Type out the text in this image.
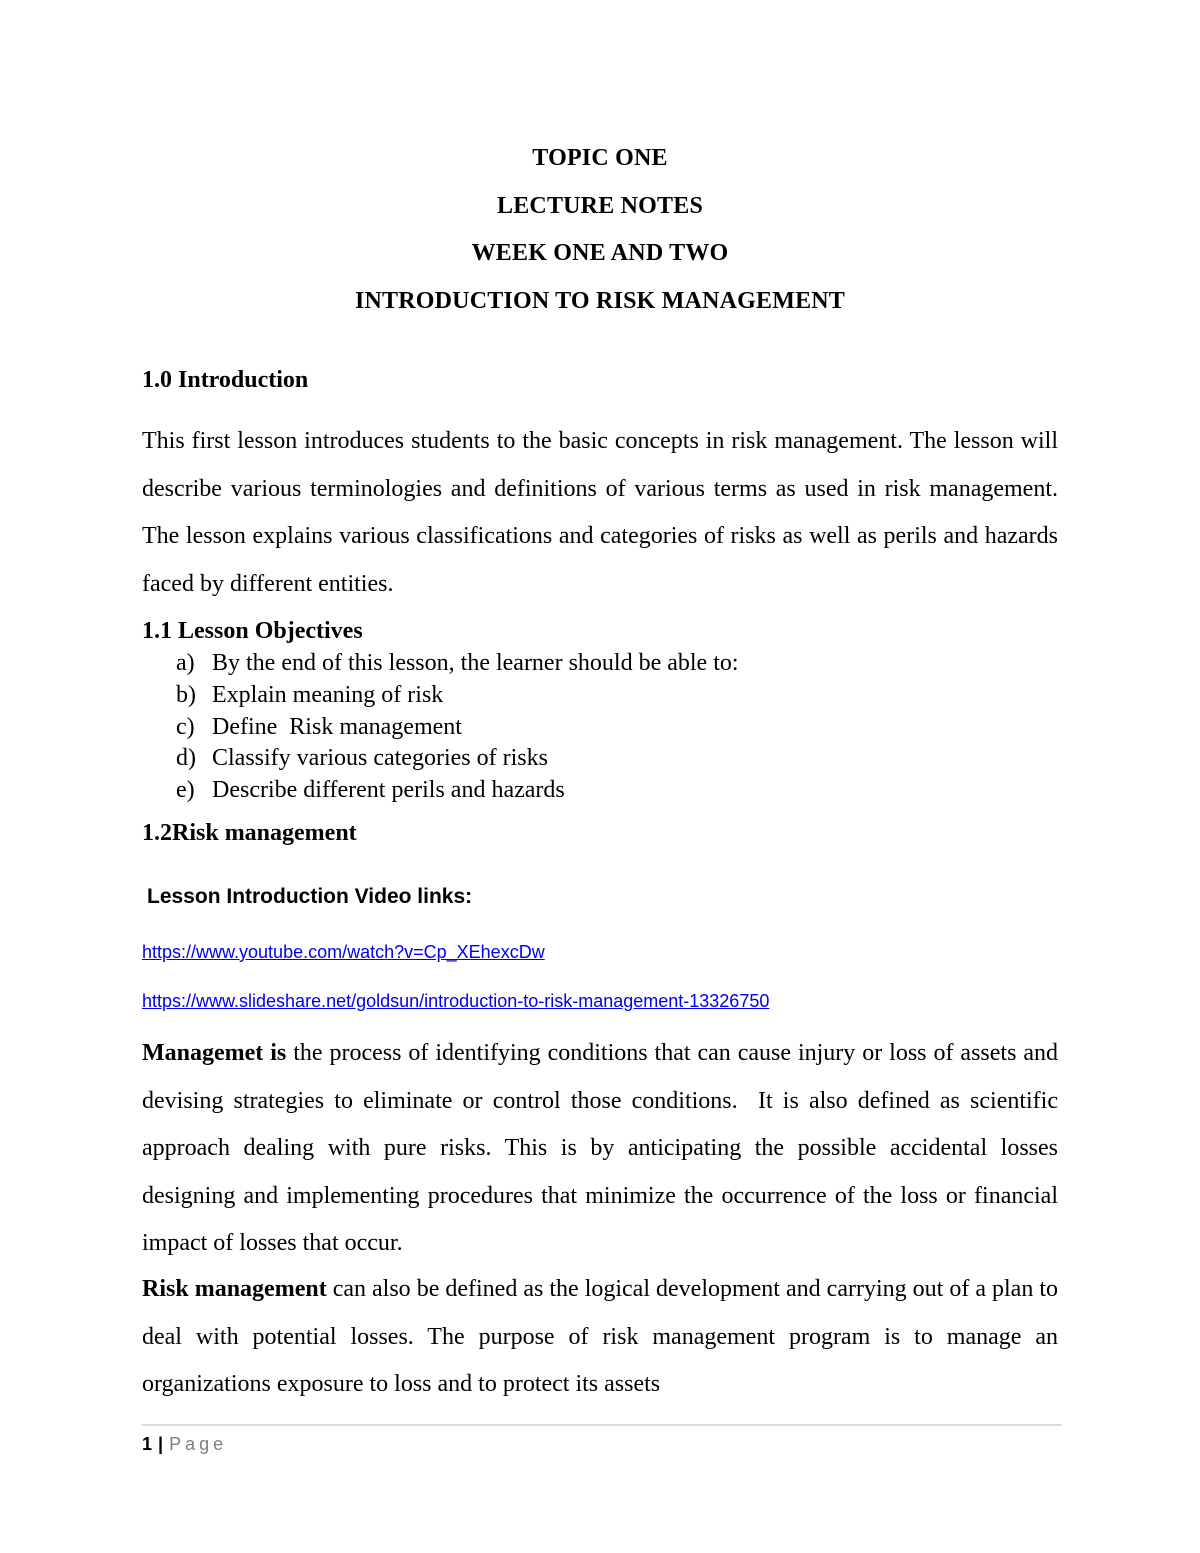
TOPIC ONE
LECTURE NOTES
WEEK ONE AND TWO
INTRODUCTION TO RISK MANAGEMENT
1.0 Introduction

This first lesson introduces students to the basic concepts in risk management. The lesson will describe various terminologies and definitions of various terms as used in risk management. The lesson explains various classifications and categories of risks as well as perils and hazards faced by different entities.

1.1 Lesson Objectives
a) By the end of this lesson, the learner should be able to:
b) Explain meaning of risk
c) Define  Risk management
d) Classify various categories of risks
e) Describe different perils and hazards
1.2Risk management
Lesson Introduction Video links:
https://www.youtube.com/watch?v=Cp_XEhexcDw
https://www.slideshare.net/goldsun/introduction-to-risk-management-13326750

Managemet is the process of identifying conditions that can cause injury or loss of assets and devising strategies to eliminate or control those conditions.  It is also defined as scientific approach dealing with pure risks. This is by anticipating the possible accidental losses designing and implementing procedures that minimize the occurrence of the loss or financial impact of losses that occur.

Risk management can also be defined as the logical development and carrying out of a plan to deal with potential losses. The purpose of risk management program is to manage an organizations exposure to loss and to protect its assets

1 | Page
